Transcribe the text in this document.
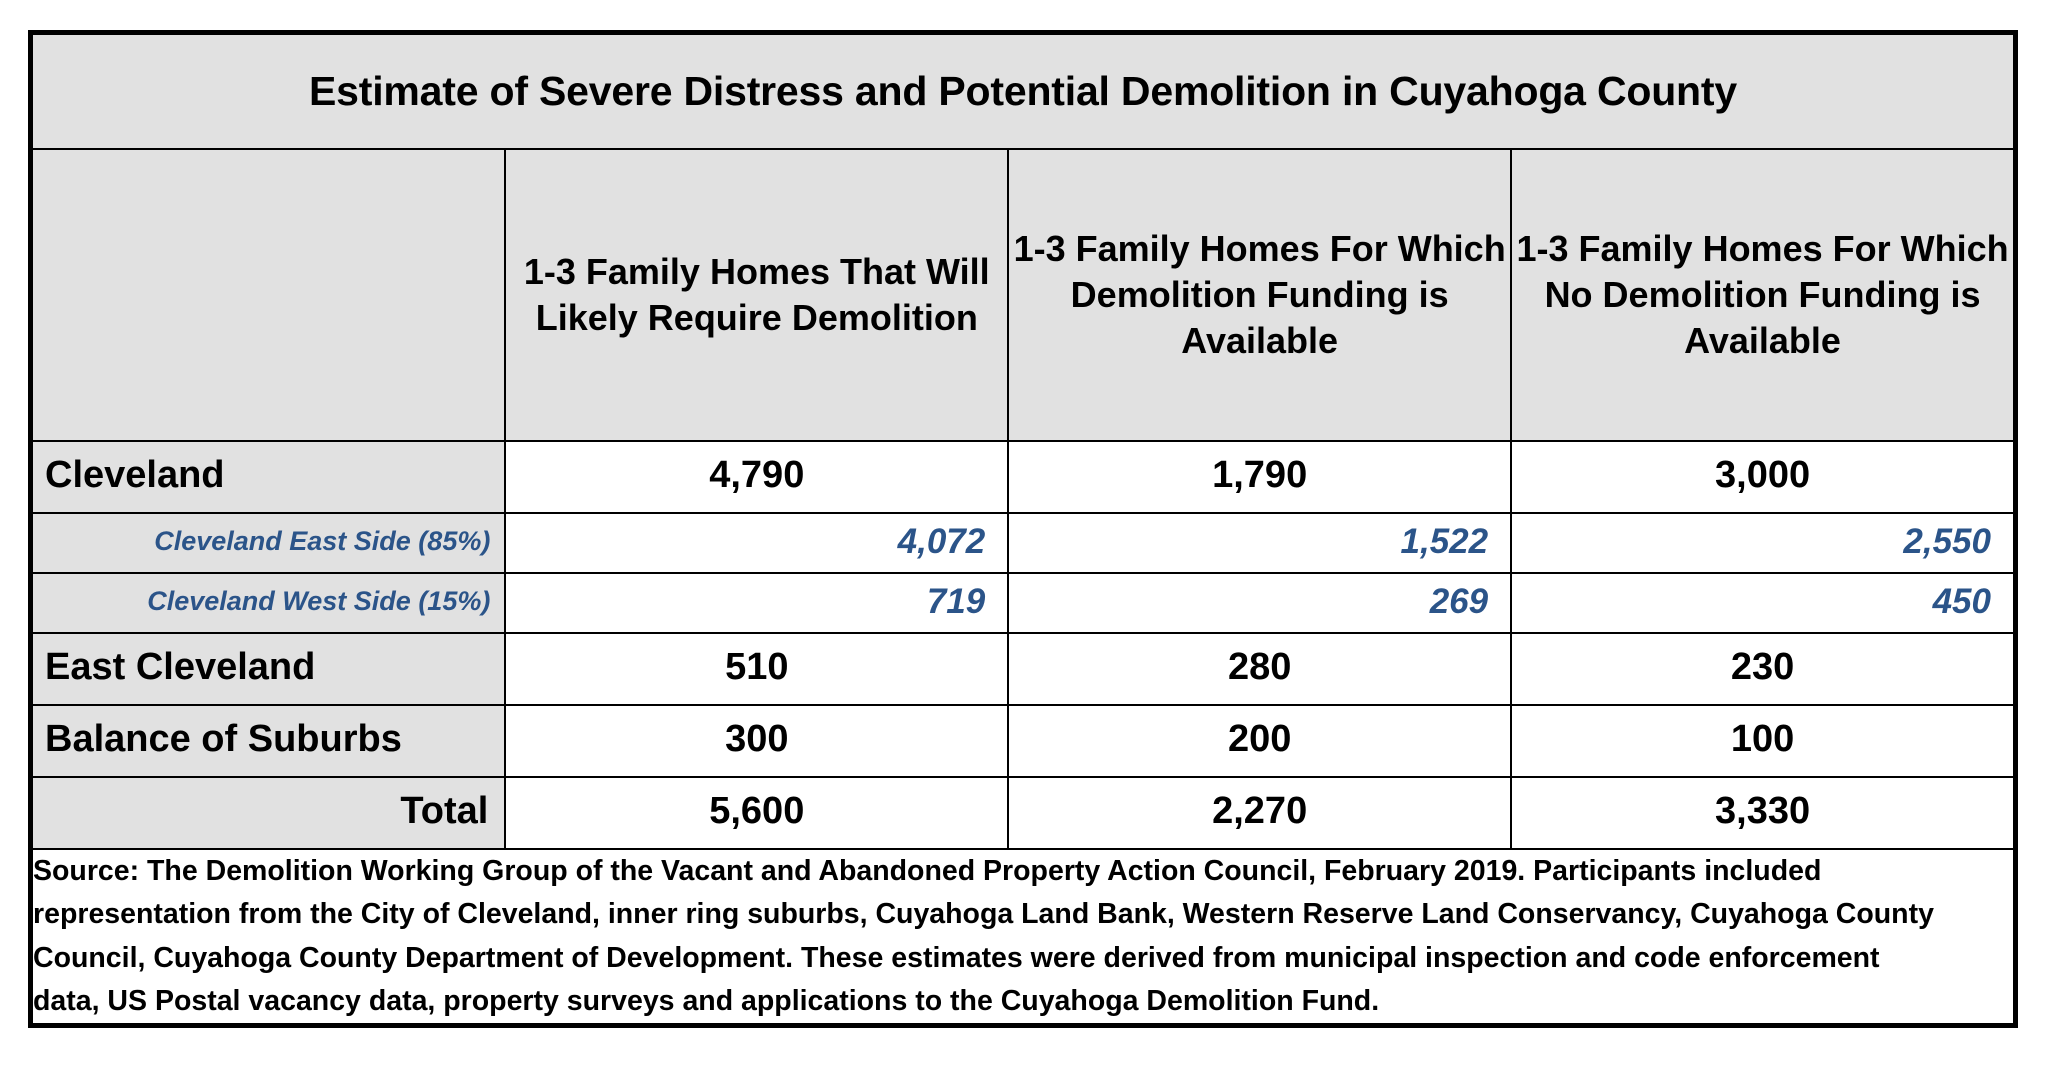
Estimate of Severe Distress and Potential Demolition in Cuyahoga County			
	1-3 Family Homes That Will Likely Require Demolition	1-3 Family Homes For Which Demolition Funding is Available	1-3 Family Homes For Which No Demolition Funding is Available
Cleveland	4,790	1,790	3,000
Cleveland East Side (85%)	4,072	1,522	2,550
Cleveland West Side (15%)	719	269	450
East Cleveland	510	280	230
Balance of Suburbs	300	200	100
Total	5,600	2,270	3,330

Source: The Demolition Working Group of the Vacant and Abandoned Property Action Council, February 2019. Participants included

representation from the City of Cleveland, inner ring suburbs, Cuyahoga Land Bank, Western Reserve Land Conservancy, Cuyahoga County

Council, Cuyahoga County Department of Development. These estimates were derived from municipal inspection and code enforcement

data, US Postal vacancy data, property surveys and applications to the Cuyahoga Demolition Fund.			
